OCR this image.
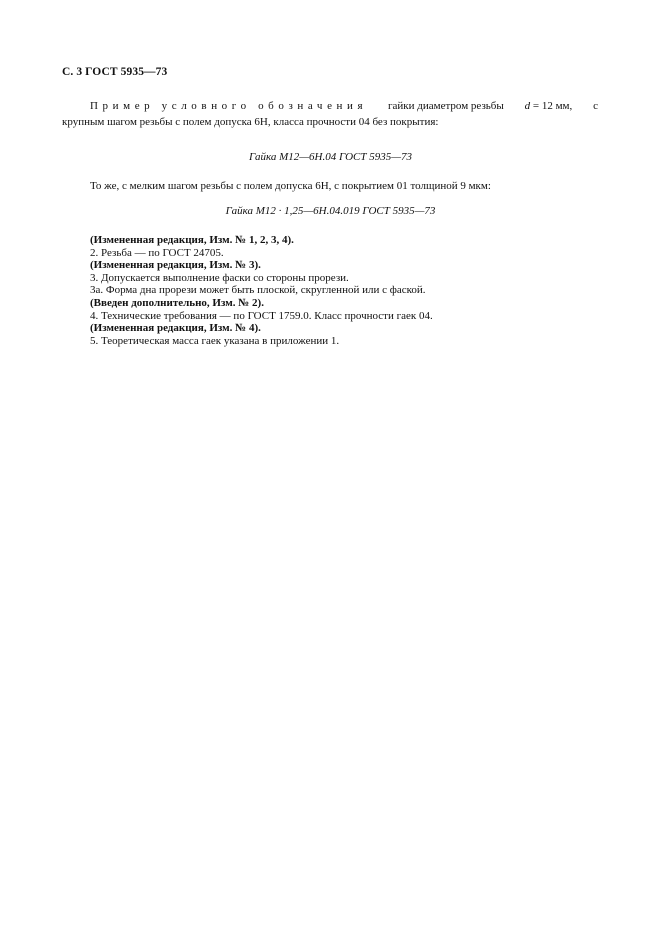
С. 3 ГОСТ 5935—73
Пример условного обозначения гайки диаметром резьбы d = 12 мм, с
крупным шагом резьбы с полем допуска 6Н, класса прочности 04 без покрытия:
Гайка М12—6Н.04 ГОСТ 5935—73
То же, с мелким шагом резьбы с полем допуска 6Н, с покрытием 01 толщиной 9 мкм:
Гайка М12 · 1,25—6Н.04.019 ГОСТ 5935—73
(Измененная редакция, Изм. № 1, 2, 3, 4).
2. Резьба — по ГОСТ 24705.
(Измененная редакция, Изм. № 3).
3. Допускается выполнение фаски со стороны прорези.
3а. Форма дна прорези может быть плоской, скругленной или с фаской.
(Введен дополнительно, Изм. № 2).
4. Технические требования — по ГОСТ 1759.0. Класс прочности гаек 04.
(Измененная редакция, Изм. № 4).
5. Теоретическая масса гаек указана в приложении 1.
